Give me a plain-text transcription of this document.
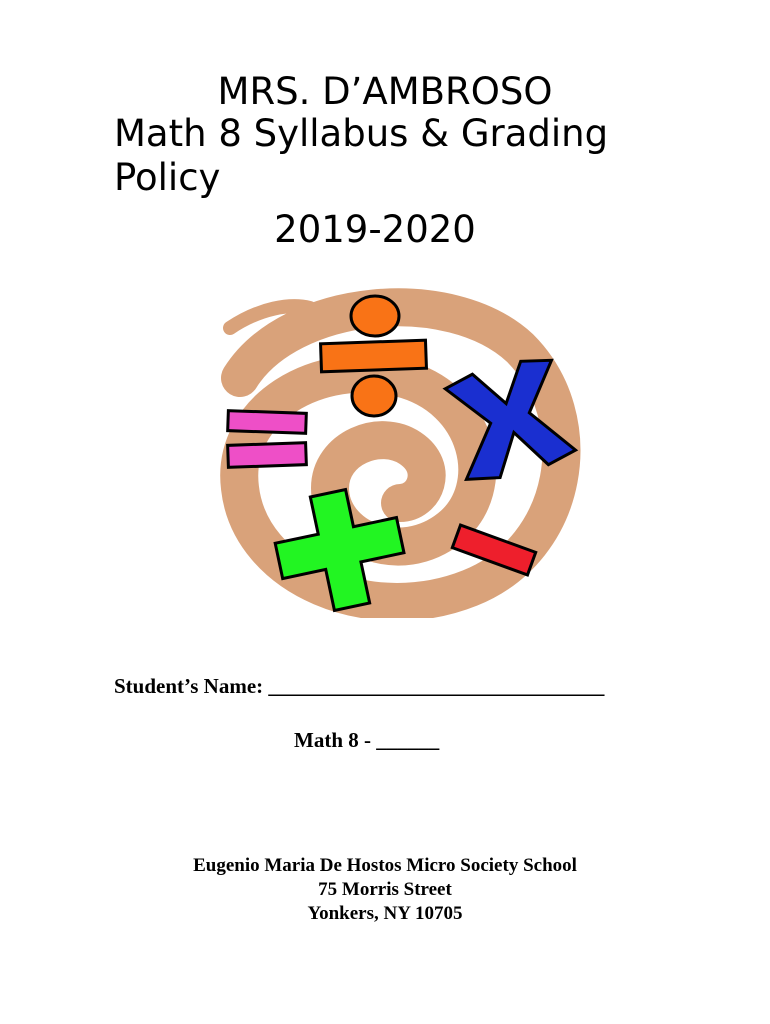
MRS. D’AMBROSO
Math 8 Syllabus & Grading Policy
2019-2020
Student’s Name: ________________________________
Math 8 - ______
Eugenio Maria De Hostos Micro Society School
75 Morris Street
Yonkers, NY 10705
